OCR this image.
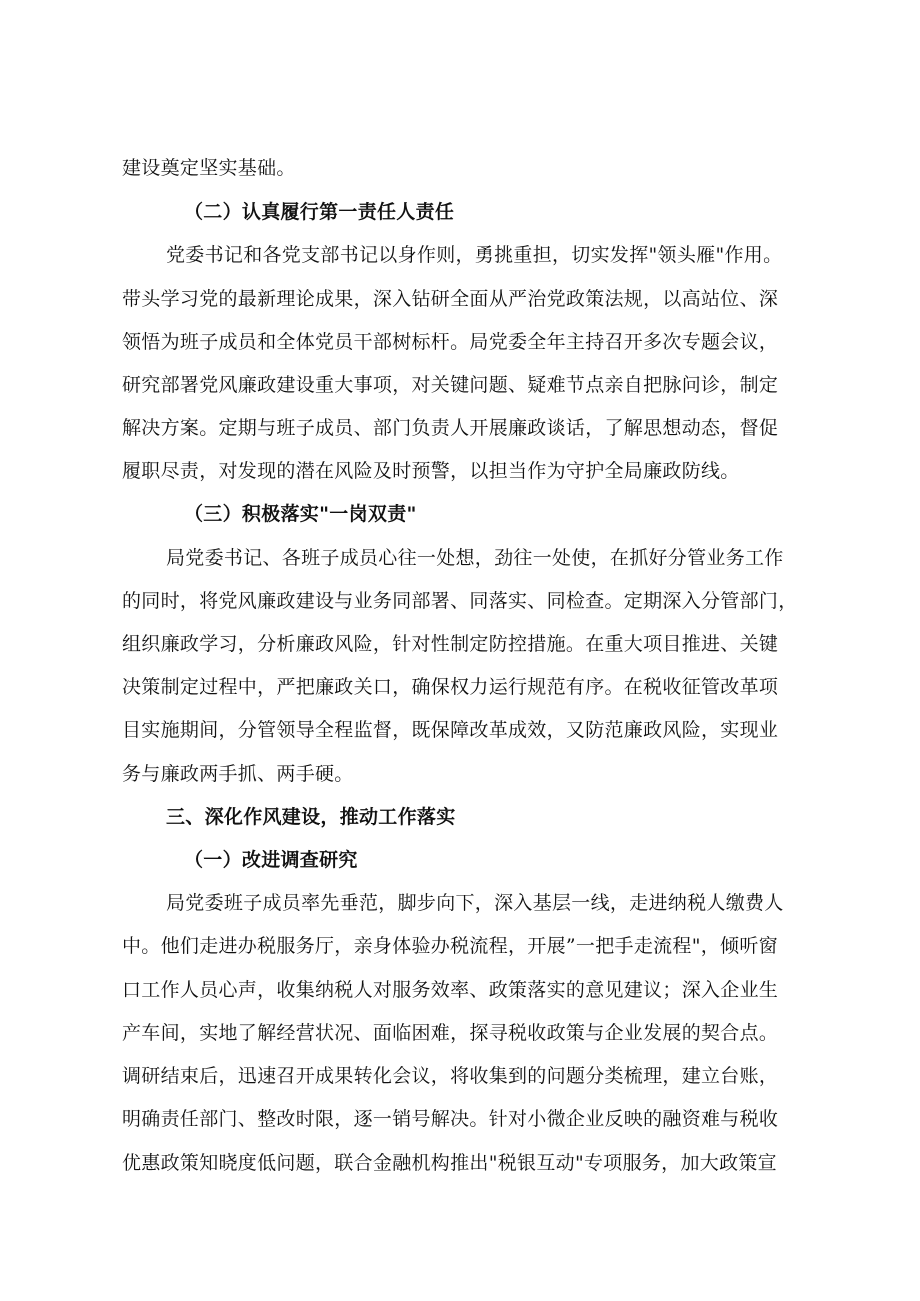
建设奠定坚实基础。
（二）认真履行第一责任人责任
党委书记和各党支部书记以身作则，勇挑重担，切实发挥"领头雁"作用。
带头学习党的最新理论成果，深入钻研全面从严治党政策法规，以高站位、深
领悟为班子成员和全体党员干部树标杆。局党委全年主持召开多次专题会议，
研究部署党风廉政建设重大事项，对关键问题、疑难节点亲自把脉问诊，制定
解决方案。定期与班子成员、部门负责人开展廉政谈话，了解思想动态，督促
履职尽责，对发现的潜在风险及时预警，以担当作为守护全局廉政防线。
（三）积极落实"一岗双责"
局党委书记、各班子成员心往一处想，劲往一处使，在抓好分管业务工作
的同时，将党风廉政建设与业务同部署、同落实、同检查。定期深入分管部门，
组织廉政学习，分析廉政风险，针对性制定防控措施。在重大项目推进、关键
决策制定过程中，严把廉政关口，确保权力运行规范有序。在税收征管改革项
目实施期间，分管领导全程监督，既保障改革成效，又防范廉政风险，实现业
务与廉政两手抓、两手硬。
三、深化作风建设，推动工作落实
（一）改进调查研究
局党委班子成员率先垂范，脚步向下，深入基层一线，走进纳税人缴费人
中。他们走进办税服务厅，亲身体验办税流程，开展”一把手走流程"，倾听窗
口工作人员心声，收集纳税人对服务效率、政策落实的意见建议；深入企业生
产车间，实地了解经营状况、面临困难，探寻税收政策与企业发展的契合点。
调研结束后，迅速召开成果转化会议，将收集到的问题分类梳理，建立台账，
明确责任部门、整改时限，逐一销号解决。针对小微企业反映的融资难与税收
优惠政策知晓度低问题，联合金融机构推出"税银互动"专项服务，加大政策宣
